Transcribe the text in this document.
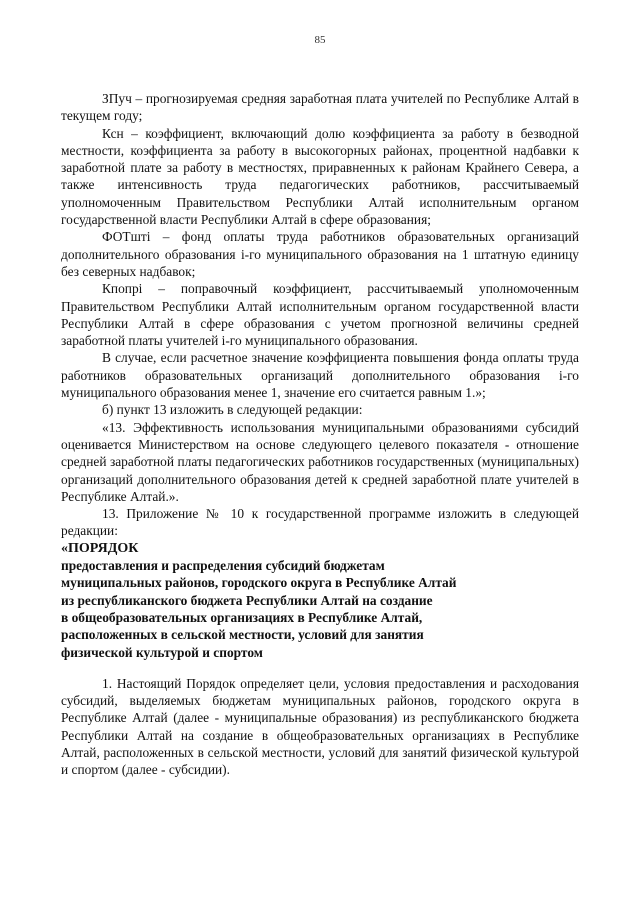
85

ЗПуч – прогнозируемая средняя заработная плата учителей по Республике Алтай в текущем году;

Ксн – коэффициент, включающий долю коэффициента за работу в безводной местности, коэффициента за работу в высокогорных районах, процентной надбавки к заработной плате за работу в местностях, приравненных к районам Крайнего Севера, а также интенсивность труда педагогических работников, рассчитываемый уполномоченным Правительством Республики Алтай исполнительным органом государственной власти Республики Алтай в сфере образования;

ФОТшті – фонд оплаты труда работников образовательных организаций дополнительного образования i-го муниципального образования на 1 штатную единицу без северных надбавок;

Кпопрі – поправочный коэффициент, рассчитываемый уполномоченным Правительством Республики Алтай исполнительным органом государственной власти Республики Алтай в сфере образования с учетом прогнозной величины средней заработной платы учителей i-го муниципального образования.

В случае, если расчетное значение коэффициента повышения фонда оплаты труда работников образовательных организаций дополнительного образования i-го муниципального образования менее 1, значение его считается равным 1.»;

б) пункт 13 изложить в следующей редакции:

«13. Эффективность использования муниципальными образованиями субсидий оценивается Министерством на основе следующего целевого показателя - отношение средней заработной платы педагогических работников государственных (муниципальных) организаций дополнительного образования детей к средней заработной плате учителей в Республике Алтай.».

13. Приложение № 10 к государственной программе изложить в следующей редакции:

«ПОРЯДОК

предоставления и распределения субсидий бюджетам

муниципальных районов, городского округа в Республике Алтай

из республиканского бюджета Республики Алтай на создание

в общеобразовательных организациях в Республике Алтай,

расположенных в сельской местности, условий для занятия

физической культурой и спортом

1. Настоящий Порядок определяет цели, условия предоставления и расходования субсидий, выделяемых бюджетам муниципальных районов, городского округа в Республике Алтай (далее - муниципальные образования) из республиканского бюджета Республики Алтай на создание в общеобразовательных организациях в Республике Алтай, расположенных в сельской местности, условий для занятий физической культурой и спортом (далее - субсидии).
